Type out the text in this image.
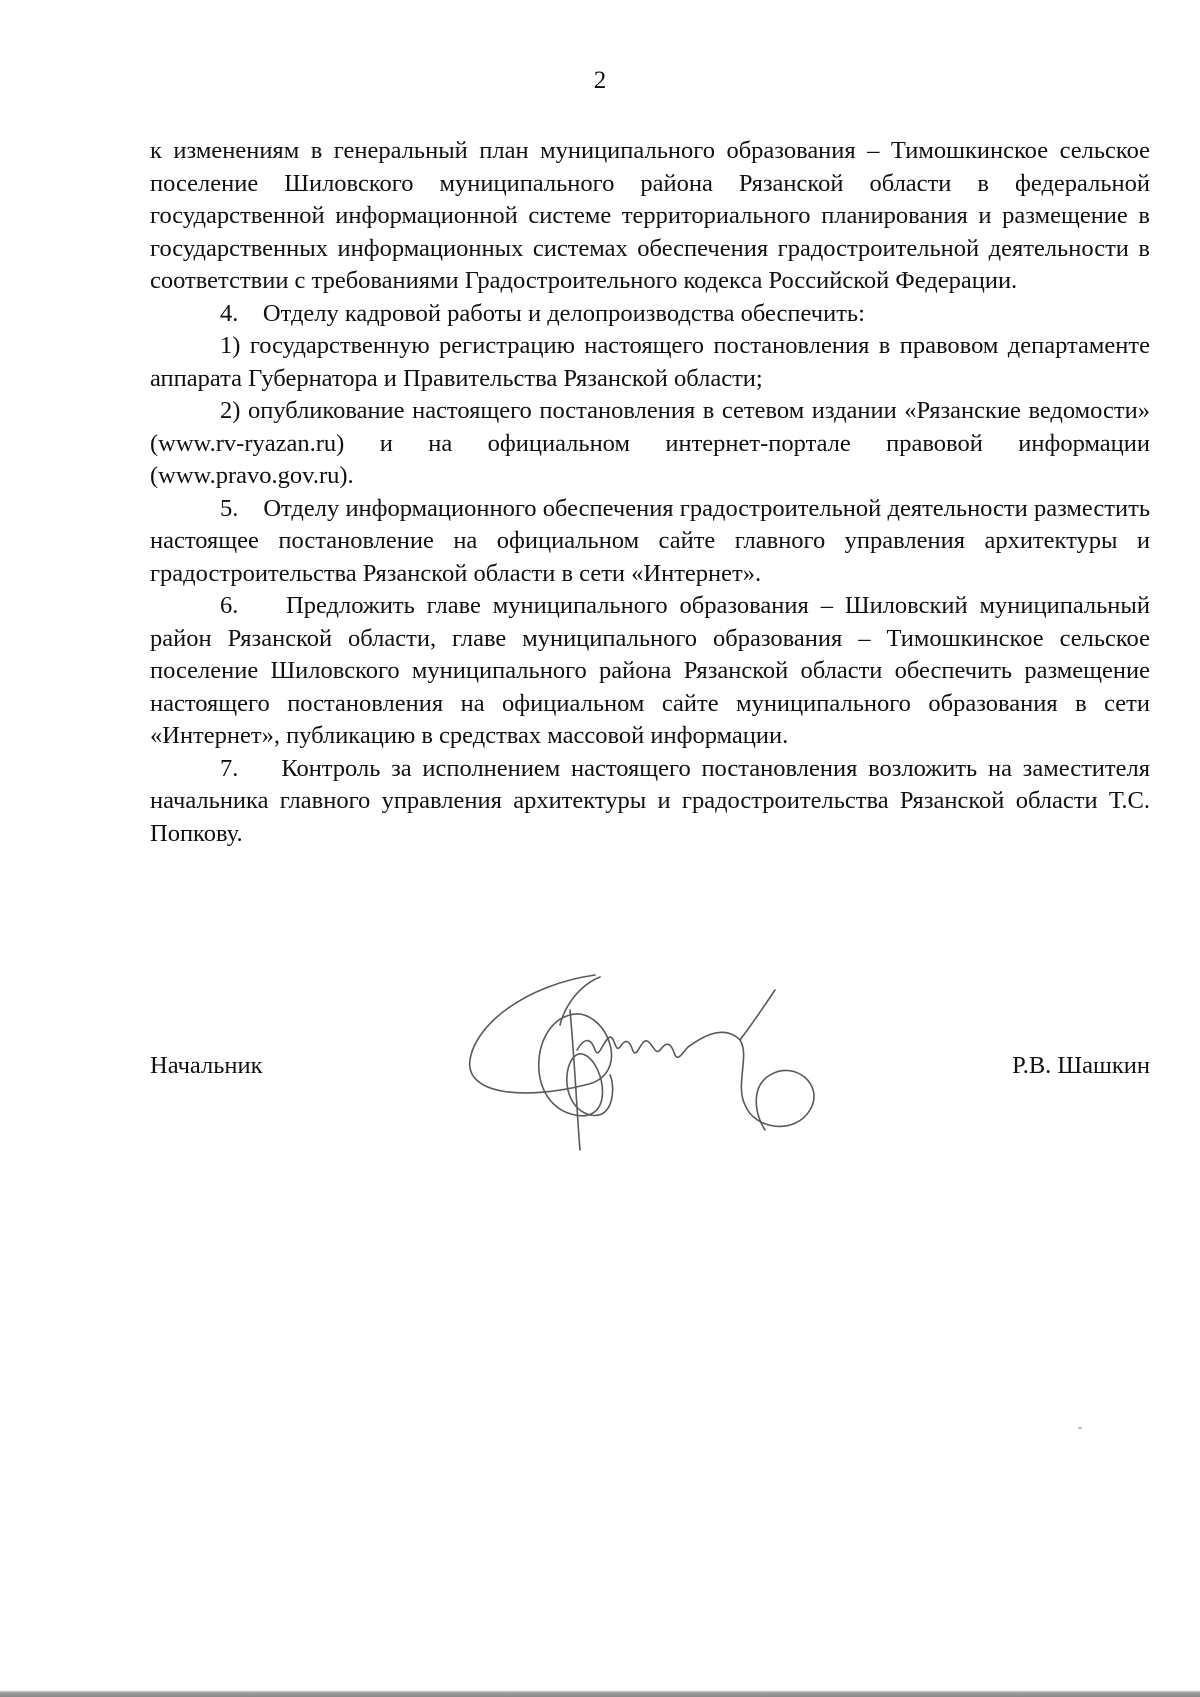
2

к изменениям в генеральный план муниципального образования – Тимошкинское сельское поселение Шиловского муниципального района Рязанской области в федеральной государственной информационной системе территориального планирования и размещение в государственных информационных системах обеспечения градостроительной деятельности в соответствии с требованиями Градостроительного кодекса Российской Федерации.

4.    Отделу кадровой работы и делопроизводства обеспечить:

1) государственную регистрацию настоящего постановления в правовом департаменте аппарата Губернатора и Правительства Рязанской области;

2) опубликование настоящего постановления в сетевом издании «Рязанские ведомости» (www.rv-ryazan.ru) и на официальном интернет-портале правовой информации (www.pravo.gov.ru).

5.    Отделу информационного обеспечения градостроительной деятельности разместить настоящее постановление на официальном сайте главного управления архитектуры и градостроительства Рязанской области в сети «Интернет».

6.    Предложить главе муниципального образования – Шиловский муниципальный район Рязанской области, главе муниципального образования – Тимошкинское сельское поселение Шиловского муниципального района Рязанской области обеспечить размещение настоящего постановления на официальном сайте муниципального образования в сети «Интернет», публикацию в средствах массовой информации.

7.    Контроль за исполнением настоящего постановления возложить на заместителя начальника главного управления архитектуры и градостроительства Рязанской области Т.С. Попкову.

Начальник	Р.В. Шашкин
